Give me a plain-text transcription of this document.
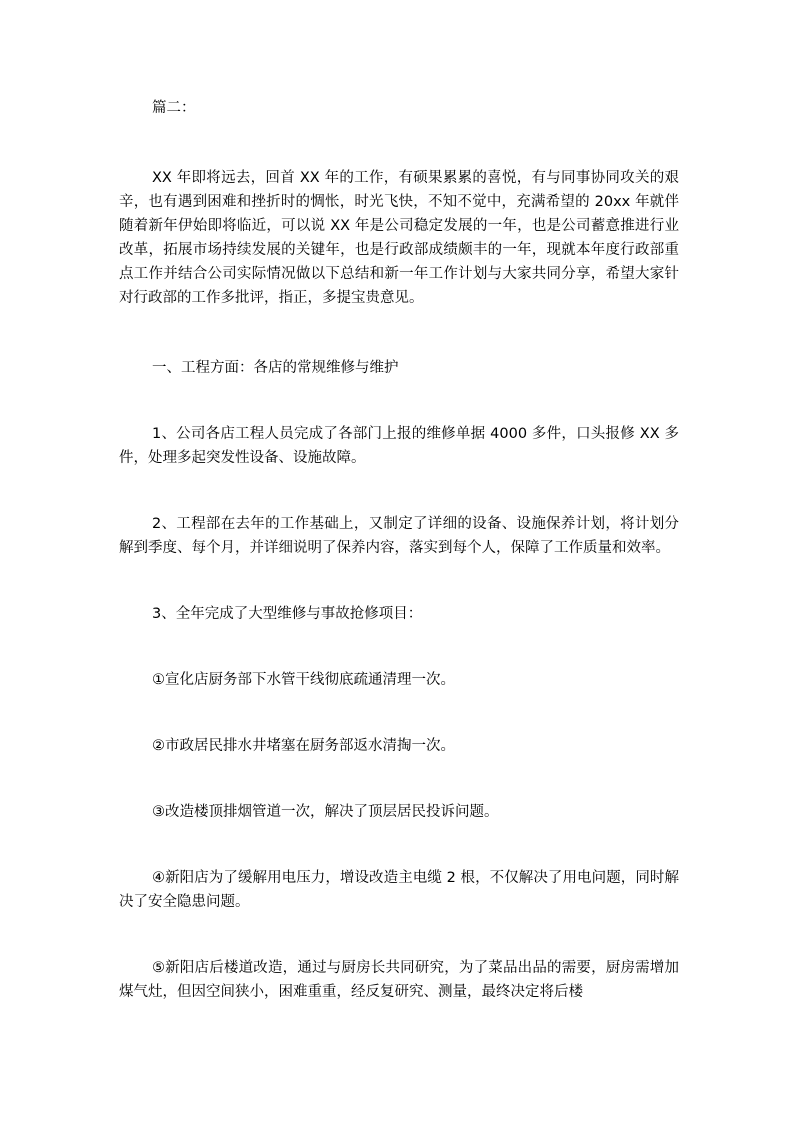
篇二：

XX 年即将远去，回首 XX 年的工作，有硕果累累的喜悦，有与同事协同攻关的艰辛，也有遇到困难和挫折时的惆怅，时光飞快，不知不觉中，充满希望的 20xx 年就伴随着新年伊始即将临近，可以说 XX 年是公司稳定发展的一年，也是公司蓄意推进行业改革，拓展市场持续发展的关键年，也是行政部成绩颇丰的一年，现就本年度行政部重点工作并结合公司实际情况做以下总结和新一年工作计划与大家共同分享，希望大家针对行政部的工作多批评，指正，多提宝贵意见。

一、工程方面：各店的常规维修与维护

1、公司各店工程人员完成了各部门上报的维修单据 4000 多件，口头报修 XX 多件，处理多起突发性设备、设施故障。

2、工程部在去年的工作基础上，又制定了详细的设备、设施保养计划，将计划分解到季度、每个月，并详细说明了保养内容，落实到每个人，保障了工作质量和效率。

3、全年完成了大型维修与事故抢修项目：

①宣化店厨务部下水管干线彻底疏通清理一次。

②市政居民排水井堵塞在厨务部返水清掏一次。

③改造楼顶排烟管道一次，解决了顶层居民投诉问题。

④新阳店为了缓解用电压力，增设改造主电缆 2 根，不仅解决了用电问题，同时解决了安全隐患问题。

⑤新阳店后楼道改造，通过与厨房长共同研究，为了菜品出品的需要，厨房需增加煤气灶，但因空间狭小，困难重重，经反复研究、测量，最终决定将后楼
